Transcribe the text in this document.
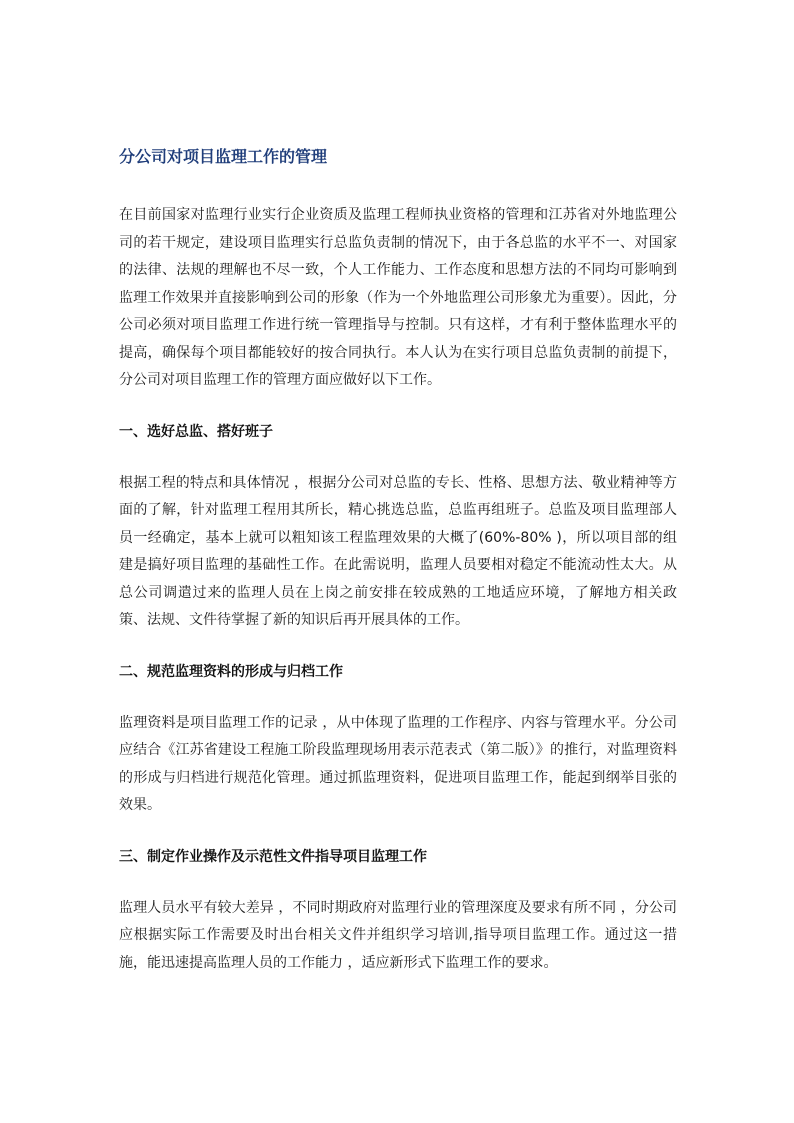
分公司对项目监理工作的管理

在目前国家对监理行业实行企业资质及监理工程师执业资格的管理和江苏省对外地监理公司的若干规定，建设项目监理实行总监负责制的情况下，由于各总监的水平不一、对国家的法律、法规的理解也不尽一致，个人工作能力、工作态度和思想方法的不同均可影响到监理工作效果并直接影响到公司的形象（作为一个外地监理公司形象尤为重要）。因此，分公司必须对项目监理工作进行统一管理指导与控制。只有这样，才有利于整体监理水平的提高，确保每个项目都能较好的按合同执行。本人认为在实行项目总监负责制的前提下，分公司对项目监理工作的管理方面应做好以下工作。

一、选好总监、搭好班子

根据工程的特点和具体情况 ，根据分公司对总监的专长、性格、思想方法、敬业精神等方面的了解，针对监理工程用其所长，精心挑选总监，总监再组班子。总监及项目监理部人员一经确定，基本上就可以粗知该工程监理效果的大概了(60%-80% )，所以项目部的组建是搞好项目监理的基础性工作。在此需说明，监理人员要相对稳定不能流动性太大。从总公司调遣过来的监理人员在上岗之前安排在较成熟的工地适应环境，了解地方相关政策、法规、文件待掌握了新的知识后再开展具体的工作。

二、规范监理资料的形成与归档工作

监理资料是项目监理工作的记录 ，从中体现了监理的工作程序、内容与管理水平。分公司应结合《江苏省建设工程施工阶段监理现场用表示范表式（第二版）》的推行，对监理资料的形成与归档进行规范化管理。通过抓监理资料，促进项目监理工作，能起到纲举目张的效果。

三、制定作业操作及示范性文件指导项目监理工作

监理人员水平有较大差异 ，不同时期政府对监理行业的管理深度及要求有所不同 ，分公司应根据实际工作需要及时出台相关文件并组织学习培训,指导项目监理工作。通过这一措施，能迅速提高监理人员的工作能力 ，适应新形式下监理工作的要求。
